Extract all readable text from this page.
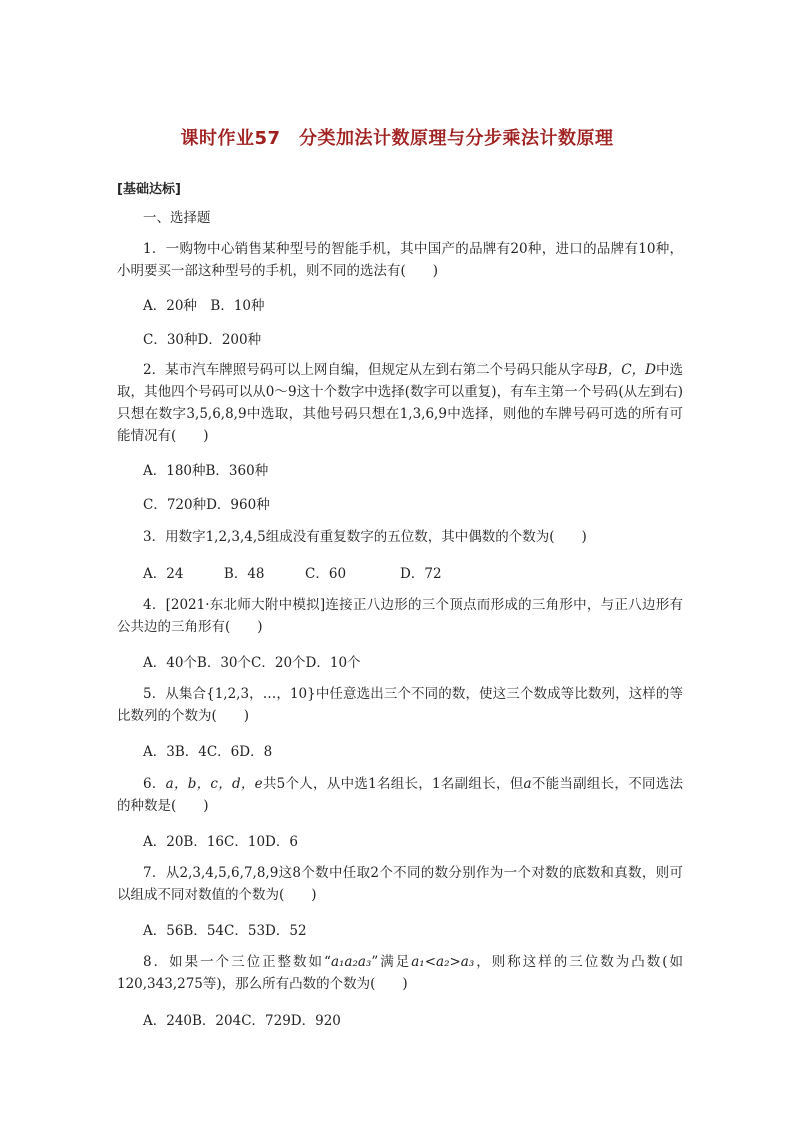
课时作业57　分类加法计数原理与分步乘法计数原理
[基础达标]
一、选择题
1．一购物中心销售某种型号的智能手机，其中国产的品牌有20种，进口的品牌有10种，小明要买一部这种型号的手机，则不同的选法有(　　)
A．20种　B．10种
C．30种D．200种
2．某市汽车牌照号码可以上网自编，但规定从左到右第二个号码只能从字母B，C，D中选取，其他四个号码可以从0～9这十个数字中选择(数字可以重复)，有车主第一个号码(从左到右)只想在数字3,5,6,8,9中选取，其他号码只想在1,3,6,9中选择，则他的车牌号码可选的所有可能情况有(　　)
A．180种B．360种
C．720种D．960种
3．用数字1,2,3,4,5组成没有重复数字的五位数，其中偶数的个数为(　　)
A．24　　　B．48　　　C．60　　　　D．72
4．[2021·东北师大附中模拟]连接正八边形的三个顶点而形成的三角形中，与正八边形有公共边的三角形有(　　)
A．40个B．30个C．20个D．10个
5．从集合{1,2,3，…，10}中任意选出三个不同的数，使这三个数成等比数列，这样的等比数列的个数为(　　)
A．3B．4C．6D．8
6．a，b，c，d，e共5个人，从中选1名组长，1名副组长，但a不能当副组长，不同选法的种数是(　　)
A．20B．16C．10D．6
7．从2,3,4,5,6,7,8,9这8个数中任取2个不同的数分别作为一个对数的底数和真数，则可以组成不同对数值的个数为(　　)
A．56B．54C．53D．52
8．如果一个三位正整数如“a₁a₂a₃”满足a₁<a₂>a₃，则称这样的三位数为凸数(如120,343,275等)，那么所有凸数的个数为(　　)
A．240B．204C．729D．920
